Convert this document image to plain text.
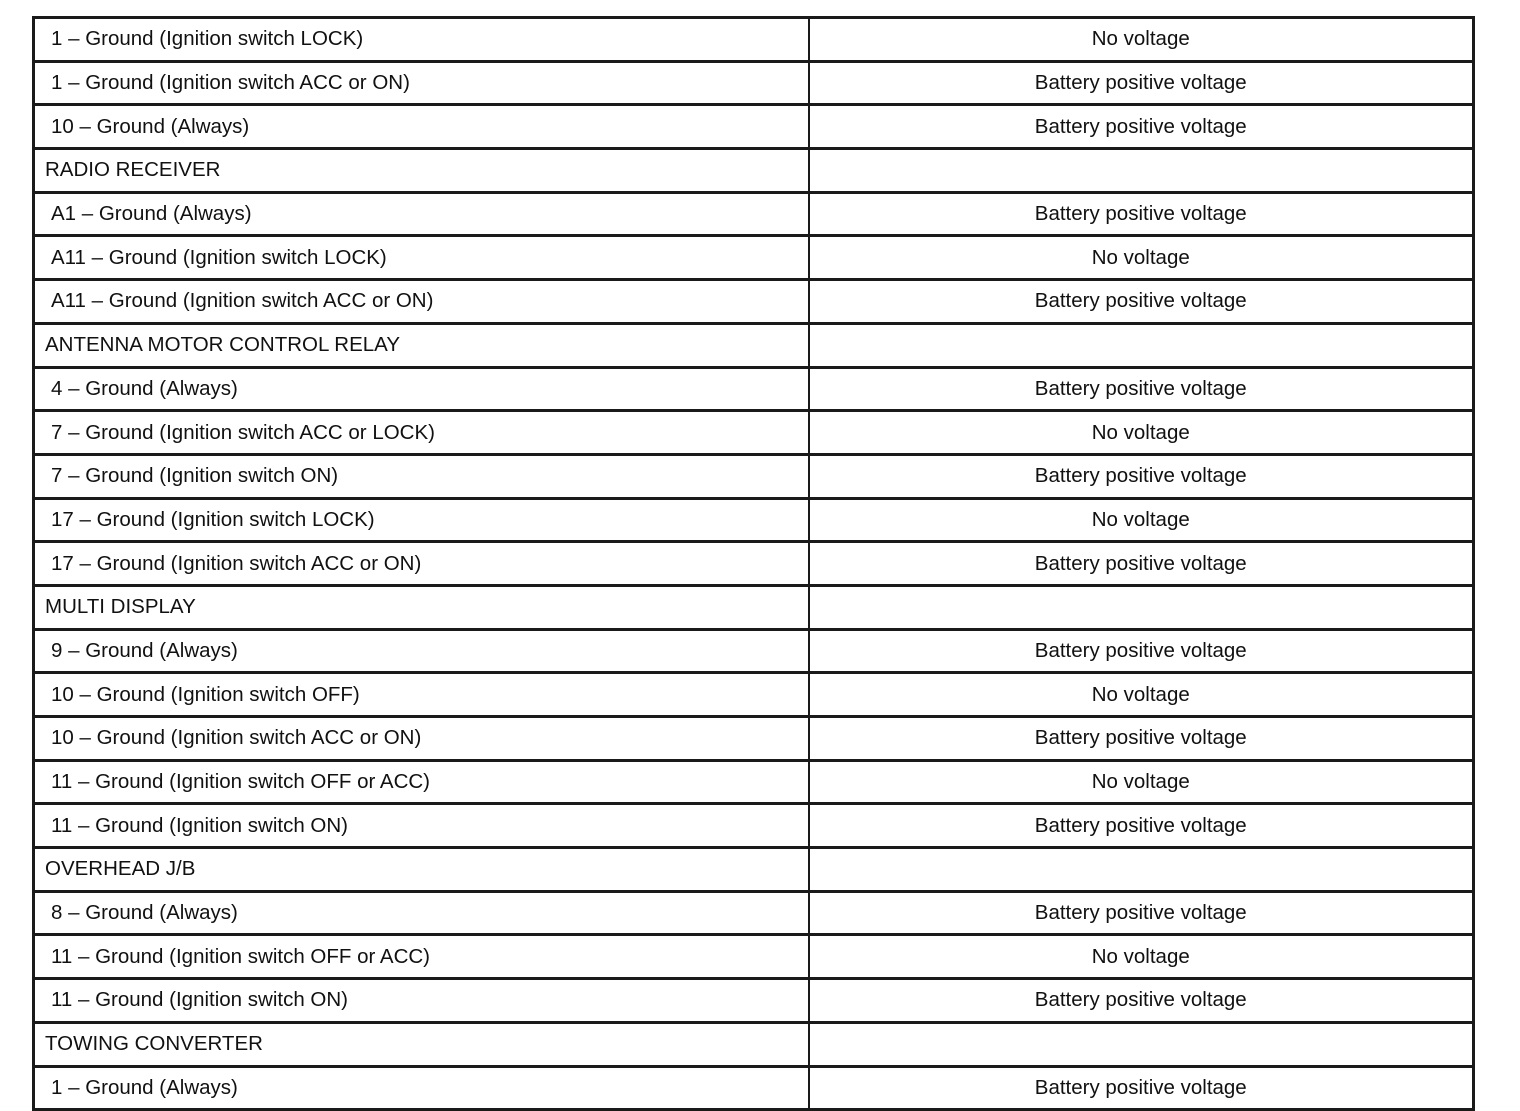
1 – Ground (Ignition switch LOCK)	No voltage
1 – Ground (Ignition switch ACC or ON)	Battery positive voltage
10 – Ground (Always)	Battery positive voltage
RADIO RECEIVER	
A1 – Ground (Always)	Battery positive voltage
A11 – Ground (Ignition switch LOCK)	No voltage
A11 – Ground (Ignition switch ACC or ON)	Battery positive voltage
ANTENNA MOTOR CONTROL RELAY	
4 – Ground (Always)	Battery positive voltage
7 – Ground (Ignition switch ACC or LOCK)	No voltage
7 – Ground (Ignition switch ON)	Battery positive voltage
17 – Ground (Ignition switch LOCK)	No voltage
17 – Ground (Ignition switch ACC or ON)	Battery positive voltage
MULTI DISPLAY	
9 – Ground (Always)	Battery positive voltage
10 – Ground (Ignition switch OFF)	No voltage
10 – Ground (Ignition switch ACC or ON)	Battery positive voltage
11 – Ground (Ignition switch OFF or ACC)	No voltage
11 – Ground (Ignition switch ON)	Battery positive voltage
OVERHEAD J/B	
8 – Ground (Always)	Battery positive voltage
11 – Ground (Ignition switch OFF or ACC)	No voltage
11 – Ground (Ignition switch ON)	Battery positive voltage
TOWING CONVERTER	
1 – Ground (Always)	Battery positive voltage
